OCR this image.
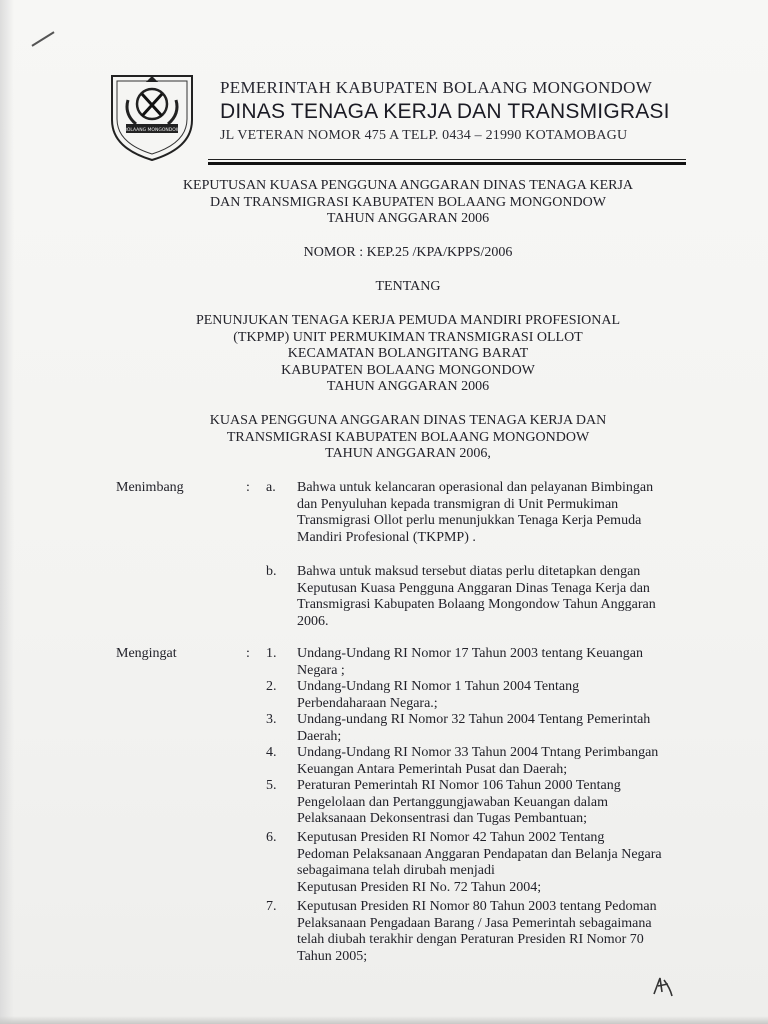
BOLAANG MONGONDOW
PEMERINTAH KABUPATEN BOLAANG MONGONDOW
DINAS TENAGA KERJA DAN TRANSMIGRASI
JL VETERAN NOMOR 475 A TELP. 0434 – 21990 KOTAMOBAGU
KEPUTUSAN KUASA PENGGUNA ANGGARAN DINAS TENAGA KERJA
DAN TRANSMIGRASI KABUPATEN BOLAANG MONGONDOW
TAHUN ANGGARAN 2006
NOMOR : KEP.25 /KPA/KPPS/2006
TENTANG
PENUNJUKAN TENAGA KERJA PEMUDA MANDIRI PROFESIONAL
(TKPMP) UNIT PERMUKIMAN TRANSMIGRASI OLLOT
KECAMATAN BOLANGITANG BARAT
KABUPATEN BOLAANG MONGONDOW
TAHUN ANGGARAN 2006
KUASA PENGGUNA ANGGARAN DINAS TENAGA KERJA DAN
TRANSMIGRASI KABUPATEN BOLAANG MONGONDOW
TAHUN ANGGARAN 2006,
Menimbang	: a. Bahwa untuk kelancaran operasional dan pelayanan Bimbingan
dan Penyuluhan kepada transmigran di Unit Permukiman
Transmigrasi Ollot perlu menunjukkan Tenaga Kerja Pemuda
Mandiri Profesional (TKPMP) .
b. Bahwa untuk maksud tersebut diatas perlu ditetapkan dengan
Keputusan Kuasa Pengguna Anggaran Dinas Tenaga Kerja dan
Transmigrasi Kabupaten Bolaang Mongondow Tahun Anggaran
2006.
Mengingat	: 1. Undang-Undang RI Nomor 17 Tahun 2003 tentang Keuangan
Negara ;
2. Undang-Undang RI Nomor 1 Tahun 2004 Tentang
Perbendaharaan Negara.;
3. Undang-undang RI Nomor 32 Tahun 2004 Tentang Pemerintah
Daerah;
4. Undang-Undang RI Nomor 33 Tahun 2004 Tntang Perimbangan
Keuangan Antara Pemerintah Pusat dan Daerah;
5. Peraturan Pemerintah RI Nomor 106 Tahun 2000 Tentang
Pengelolaan dan Pertanggungjawaban Keuangan dalam
Pelaksanaan Dekonsentrasi dan Tugas Pembantuan;
6. Keputusan Presiden RI Nomor 42 Tahun 2002 Tentang
Pedoman Pelaksanaan Anggaran Pendapatan dan Belanja Negara
sebagaimana telah dirubah menjadi
Keputusan Presiden RI No. 72 Tahun 2004;
7. Keputusan Presiden RI Nomor 80 Tahun 2003 tentang Pedoman
Pelaksanaan Pengadaan Barang / Jasa Pemerintah sebagaimana
telah diubah terakhir dengan Peraturan Presiden RI Nomor 70
Tahun 2005;
